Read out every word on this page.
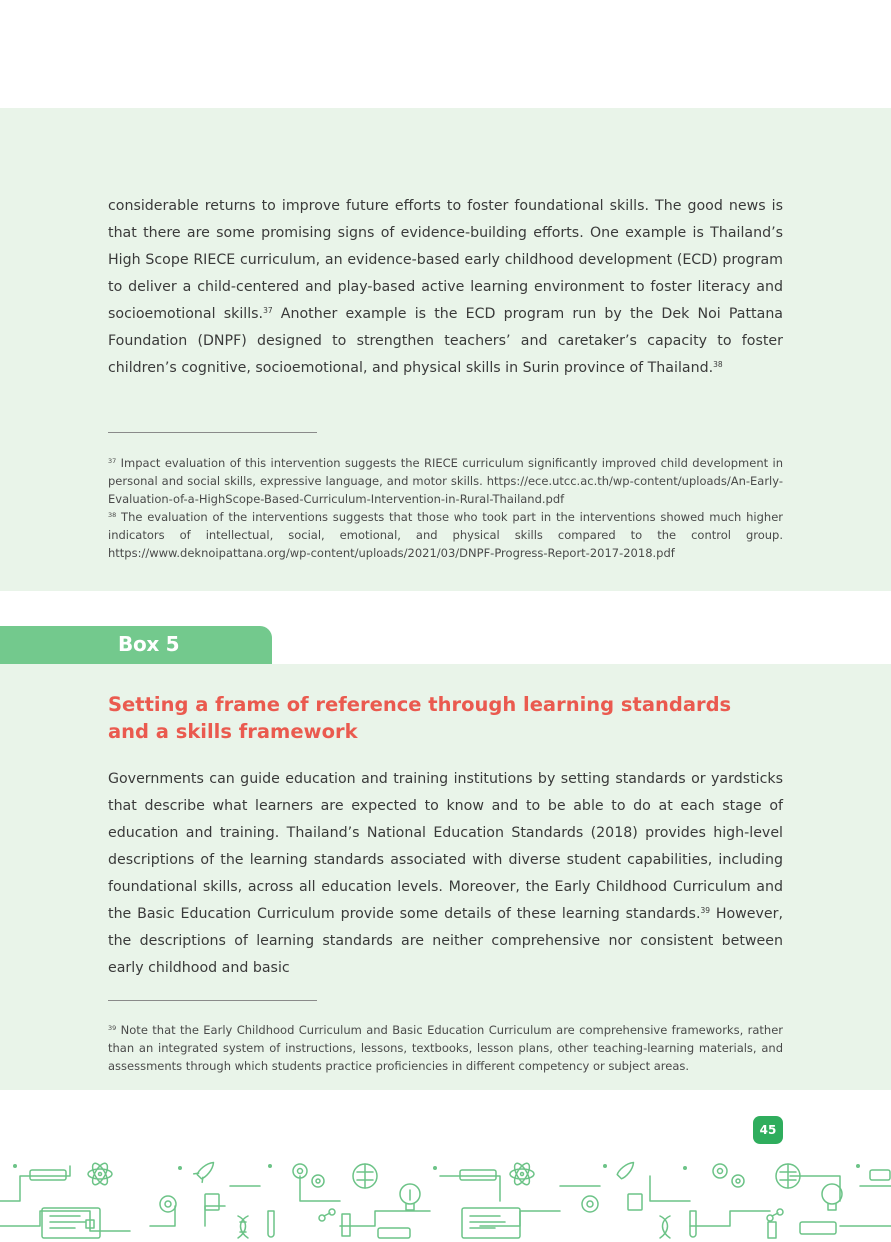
considerable returns to improve future efforts to foster foundational skills. The good news is that there are some promising signs of evidence-building efforts. One example is Thailand’s High Scope RIECE curriculum, an evidence-based early childhood development (ECD) program to deliver a child-centered and play-based active learning environment to foster literacy and socioemotional skills.$^{37}$ Another example is the ECD program run by the Dek Noi Pattana Foundation (DNPF) designed to strengthen teachers’ and caretaker’s capacity to foster children’s cognitive, socioemotional, and physical skills in Surin province of Thailand.$^{38}$

$^{37}$ Impact evaluation of this intervention suggests the RIECE curriculum significantly improved child development in personal and social skills, expressive language, and motor skills. https://ece.utcc.ac.th/wp-content/uploads/An-Early-Evaluation-of-a-HighScope-Based-Curriculum-Intervention-in-Rural-Thailand.pdf

$^{38}$ The evaluation of the interventions suggests that those who took part in the interventions showed much higher indicators of intellectual, social, emotional, and physical skills compared to the control group. https://www.deknoipattana.org/wp-content/uploads/2021/03/DNPF-Progress-Report-2017-2018.pdf

Box 5
Setting a frame of reference through learning standards
and a skills framework

Governments can guide education and training institutions by setting standards or yardsticks that describe what learners are expected to know and to be able to do at each stage of education and training. Thailand’s National Education Standards (2018) provides high-level descriptions of the learning standards associated with diverse student capabilities, including foundational skills, across all education levels. Moreover, the Early Childhood Curriculum and the Basic Education Curriculum provide some details of these learning standards.$^{39}$ However, the descriptions of learning standards are neither comprehensive nor consistent between early childhood and basic

$^{39}$ Note that the Early Childhood Curriculum and Basic Education Curriculum are comprehensive frameworks, rather than an integrated system of instructions, lessons, textbooks, lesson plans, other teaching-learning materials, and assessments through which students practice proficiencies in different competency or subject areas.

45
